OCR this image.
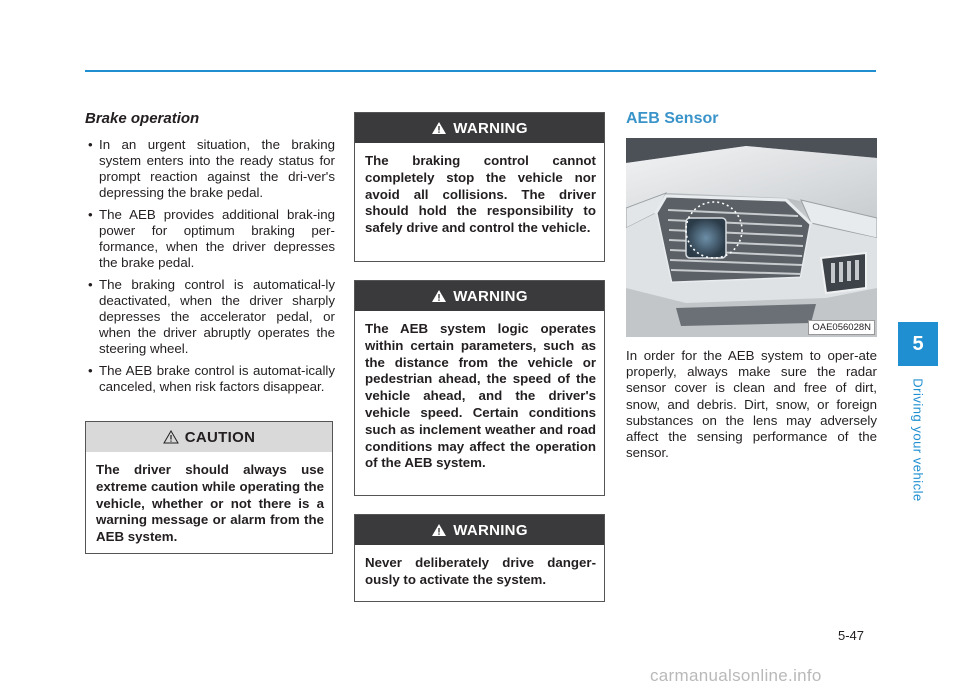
Brake operation
• In an urgent situation, the braking system enters into the ready status for prompt reaction against the dri-ver's depressing the brake pedal.
• The AEB provides additional brak-ing power for optimum braking per-formance, when the driver depresses the brake pedal.
• The braking control is automatical-ly deactivated, when the driver sharply depresses the accelerator pedal, or when the driver abruptly operates the steering wheel.
• The AEB brake control is automat-ically canceled, when risk factors disappear.
CAUTION
The driver should always use extreme caution while operating the vehicle, whether or not there is a warning message or alarm from the AEB system.
WARNING
The braking control cannot completely stop the vehicle nor avoid all collisions. The driver should hold the responsibility to safely drive and control the vehicle.
WARNING
The AEB system logic operates within certain parameters, such as the distance from the vehicle or pedestrian ahead, the speed of the vehicle ahead, and the driver's vehicle speed. Certain conditions such as inclement weather and road conditions may affect the operation of the AEB system.
WARNING
Never deliberately drive danger-ously to activate the system.
AEB Sensor
OAE056028N
In order for the AEB system to oper-ate properly, always make sure the radar sensor cover is clean and free of dirt, snow, and debris. Dirt, snow, or foreign substances on the lens may adversely affect the sensing performance of the sensor.
5
Driving your vehicle
5-47
carmanualsonline.info
